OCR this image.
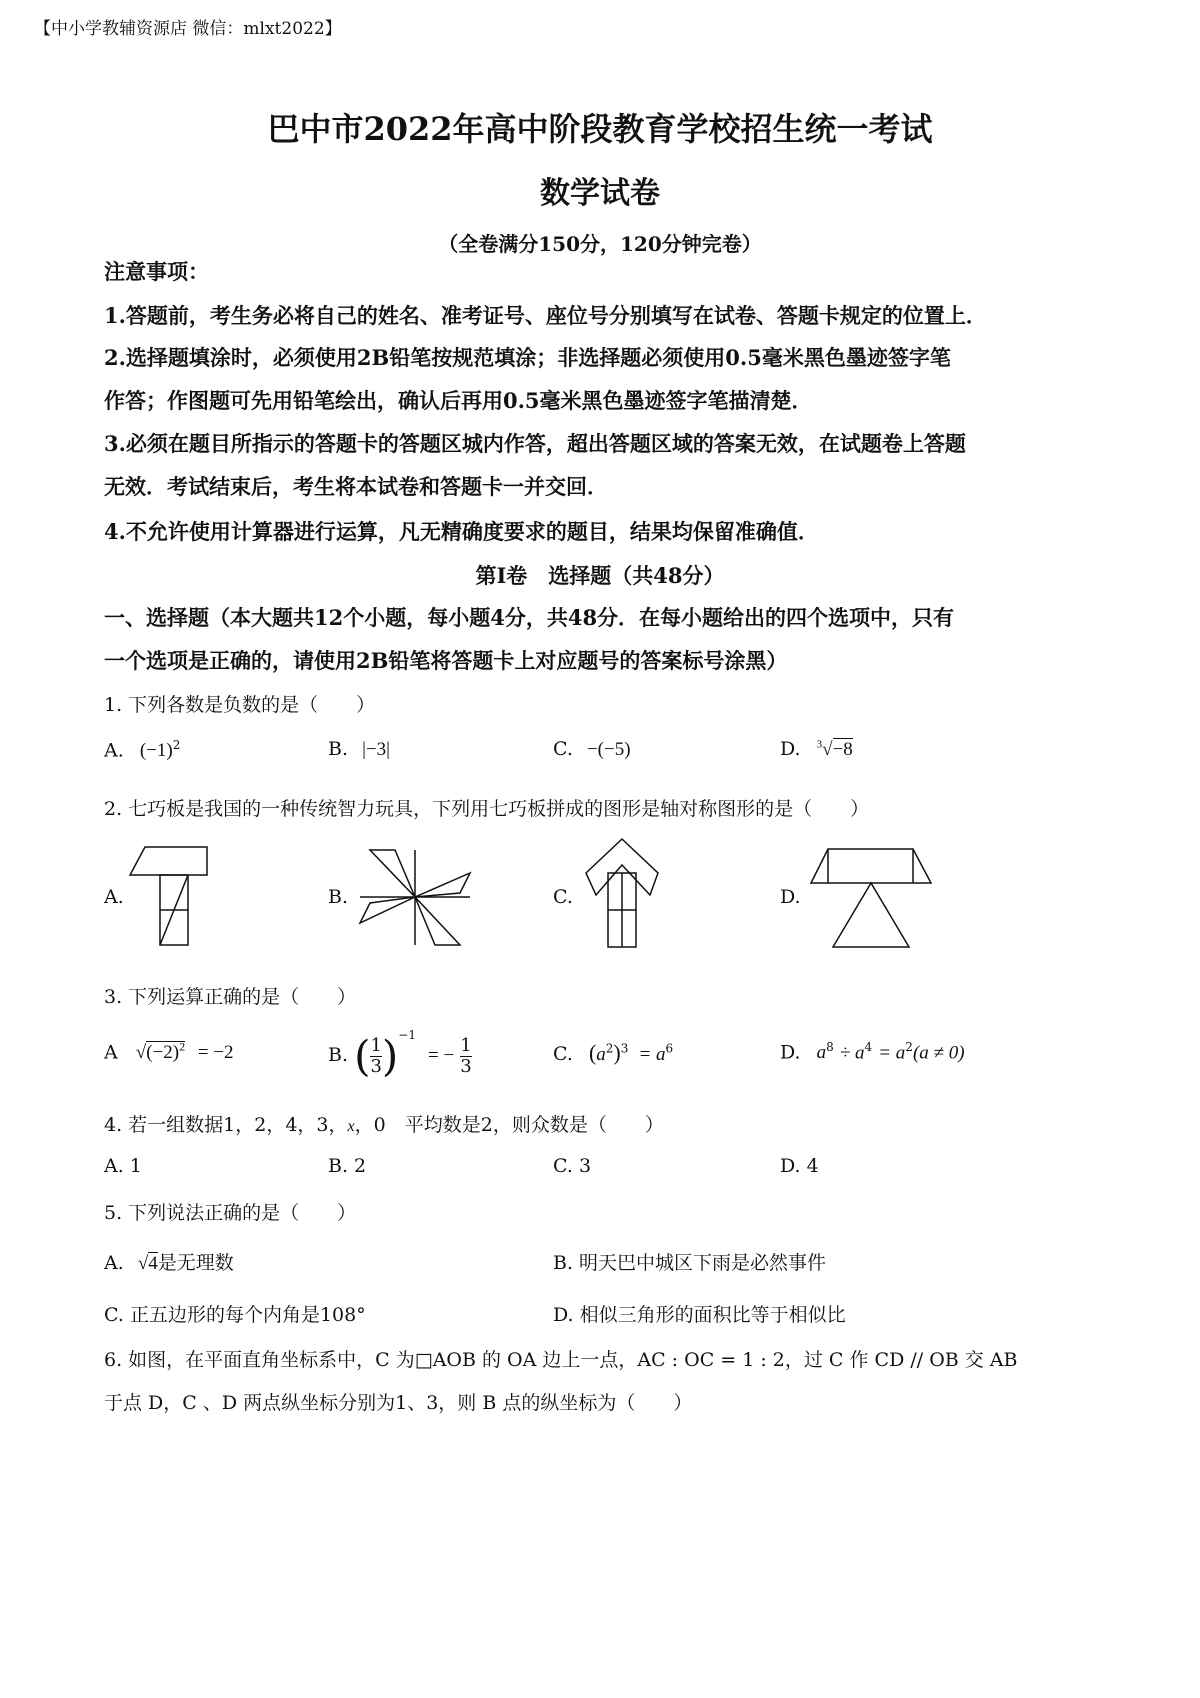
【中小学教辅资源店 微信：mlxt2022】
巴中市2022年高中阶段教育学校招生统一考试
数学试卷
（全卷满分150分，120分钟完卷）
注意事项：
1.答题前，考生务必将自己的姓名、准考证号、座位号分别填写在试卷、答题卡规定的位置上．
2.选择题填涂时，必须使用2B铅笔按规范填涂；非选择题必须使用0.5毫米黑色墨迹签字笔
作答；作图题可先用铅笔绘出，确认后再用0.5毫米黑色墨迹签字笔描清楚．
3.必须在题目所指示的答题卡的答题区城内作答，超出答题区域的答案无效，在试题卷上答题
无效．考试结束后，考生将本试卷和答题卡一并交回．
4.不允许使用计算器进行运算，凡无精确度要求的题目，结果均保留准确值．
第Ⅰ卷　选择题（共48分）
一、选择题（本大题共12个小题，每小题4分，共48分．在每小题给出的四个选项中，只有
一个选项是正确的，请使用2B铅笔将答题卡上对应题号的答案标号涂黑）
1. 下列各数是负数的是（　　）
A. $(-1)^2$	B. |−3|	C. −(−5)	D. $^3$√−8
2. 七巧板是我国的一种传统智力玩具，下列用七巧板拼成的图形是轴对称图形的是（　　）
A.	B.	C.	D.
3. 下列运算正确的是（　　）
A $√(-2)^2 = -2$	B. ( $\frac{1}{3} )^{-1}$ = − $\frac{1}{3}$	C. $(a^2)^3 = a^6$	D. $a^8 \div a^4 = a^2(a \ne 0)$
4. 若一组数据1，2，4，3，x，0　平均数是2，则众数是（　　）
A. 1	B. 2	C. 3	D. 4
5. 下列说法正确的是（　　）
A. √4是无理数	B. 明天巴中城区下雨是必然事件
C. 正五边形的每个内角是108°	D. 相似三角形的面积比等于相似比
6. 如图，在平面直角坐标系中，C 为□AOB 的 OA 边上一点，AC : OC = 1 : 2，过 C 作 CD // OB 交 AB
于点 D，C 、D 两点纵坐标分别为1、3，则 B 点的纵坐标为（　　）
